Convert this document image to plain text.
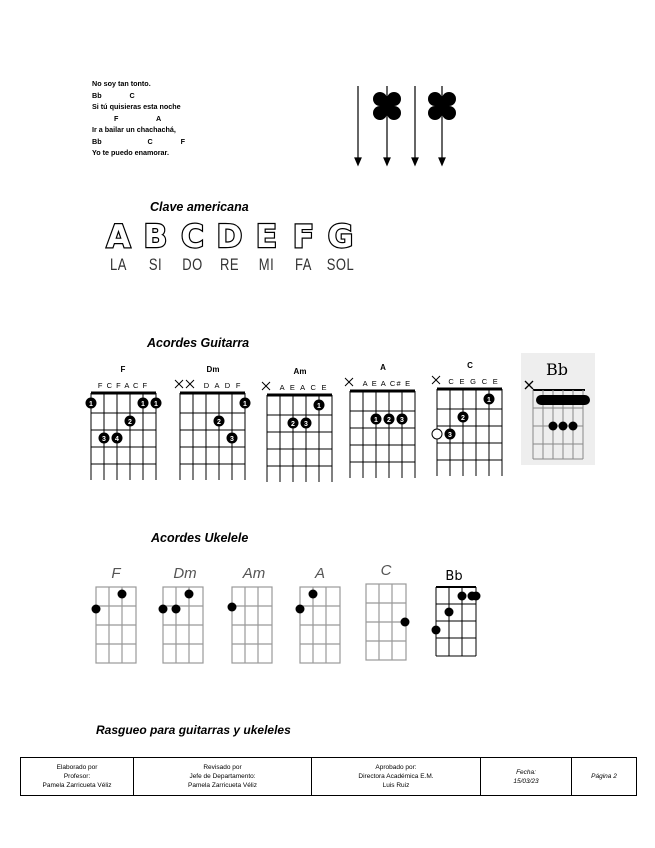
No soy tan tonto.
Bb              C
Si tú quisieras esta noche
F                   A
Ir a bailar un chachachá,
Bb                       C              F
Yo te puedo enamorar.
Clave americana
A B C D E F G
LA	SI	DO	RE	MI	FA	SOL
Acordes Guitarra
F
F C F A C F
1	1 1
2
3 4
Dm
D A D F
1
2
3
Am
A E A C E
1
2 3
A
A E A C# E
1 2 3
C
C E G C E
1
2
3
Bb
Acordes Ukelele
F	Dm	Am	A	C	Bb
Rasgueo para guitarras y ukeleles
Elaborado por
Profesor:
Pamela Zarricueta Véliz
Revisado por
Jefe de Departamento:
Pamela Zarricueta Véliz
Aprobado por:
Directora Académica E.M.
Luis Ruiz
Fecha:
15/03/23
Página 2
